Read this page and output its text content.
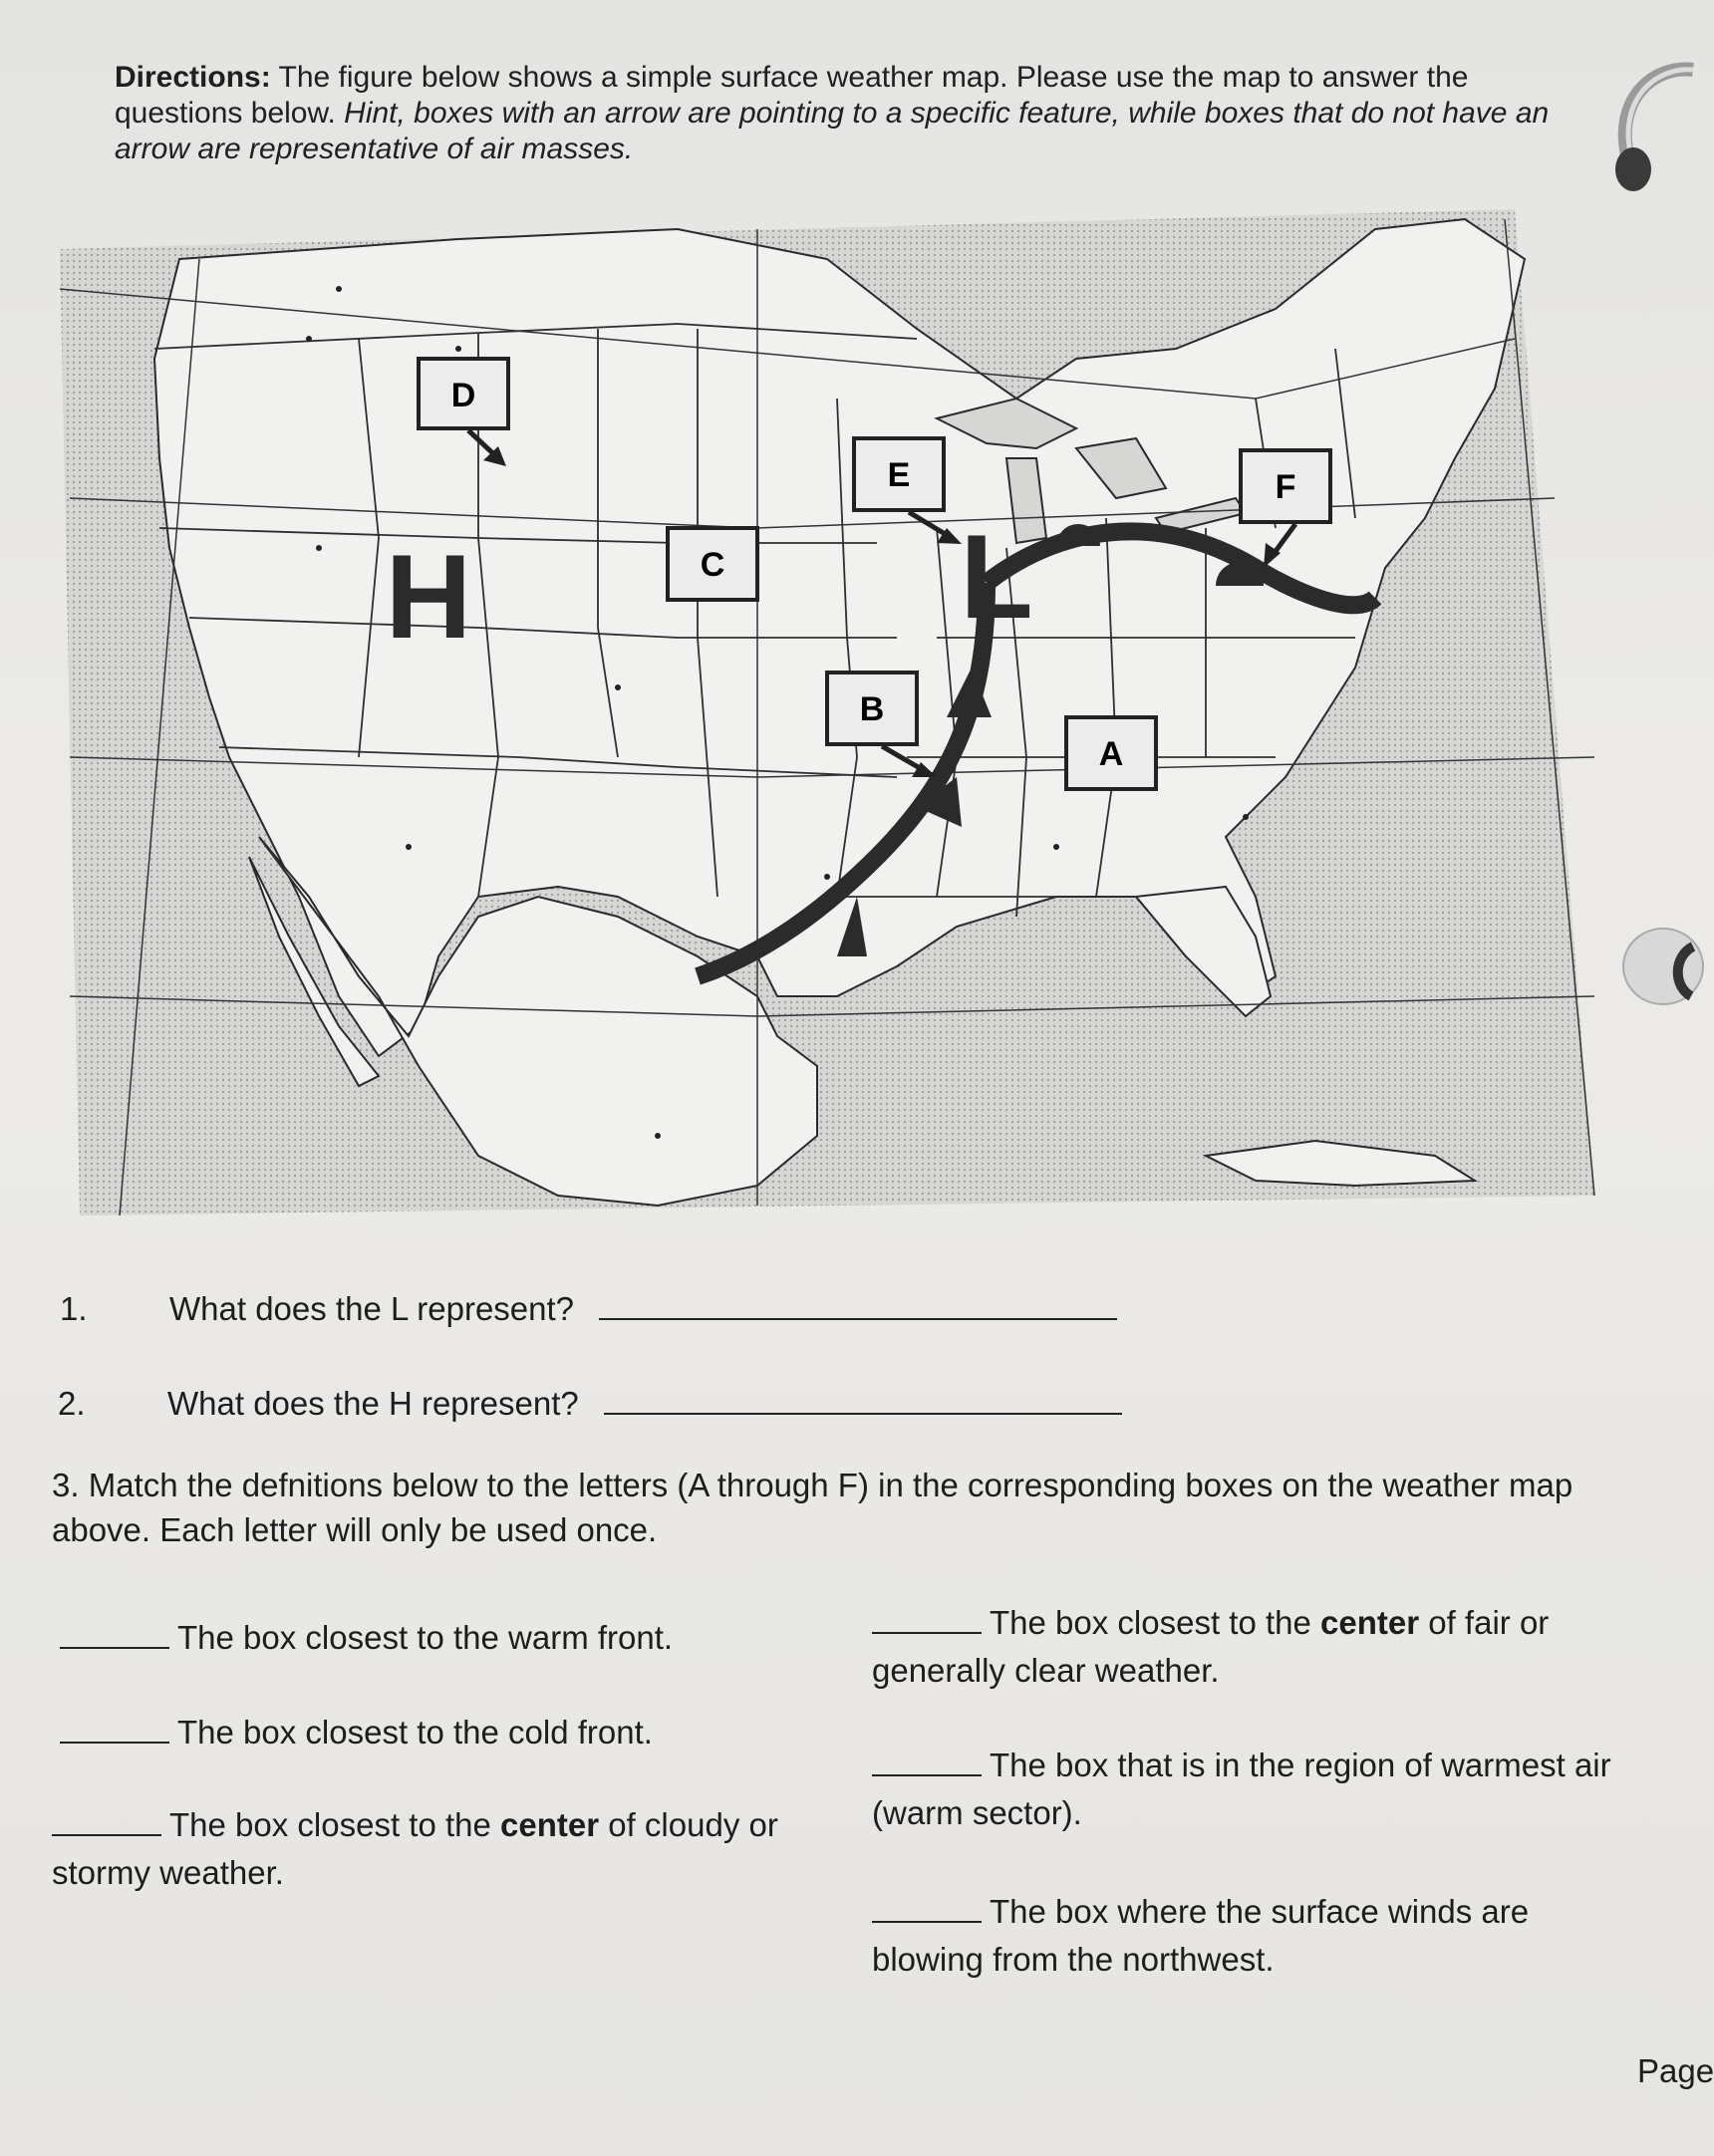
Directions: The figure below shows a simple surface weather map. Please use the map to answer the questions below. Hint, boxes with an arrow are pointing to a specific feature, while boxes that do not have an arrow are representative of air masses.
H	L
D
C
E	F
B
A
1. What does the L represent?
2. What does the H represent?
3. Match the defnitions below to the letters (A through F) in the corresponding boxes on the weather map above. Each letter will only be used once.
The box closest to the warm front.
The box closest to the cold front.
The box closest to the center of cloudy or stormy weather.
The box closest to the center of fair or generally clear weather.
The box that is in the region of warmest air (warm sector).
The box where the surface winds are blowing from the northwest.
Page
